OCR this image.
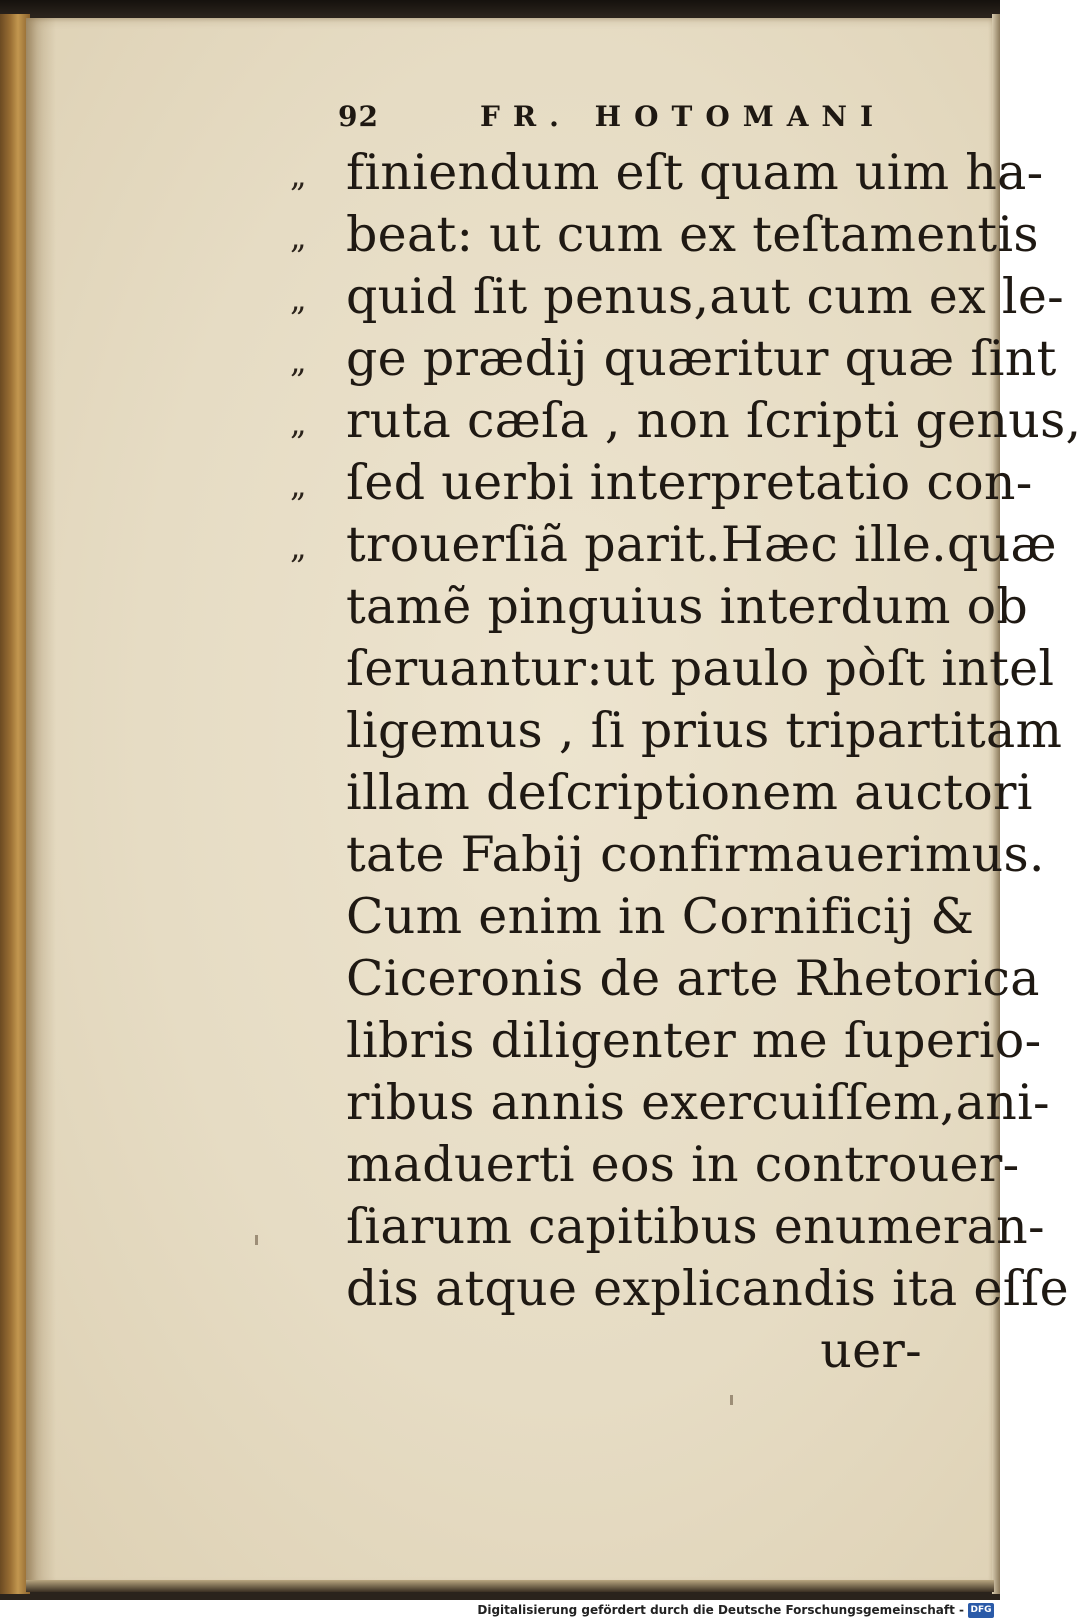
92	FR. HOTOMANI
„ finiendum eſt quam uim ha-
„ beat: ut cum ex teſtamentis
„ quid ſit penus,aut cum ex le-
„ ge prædij quæritur quæ ſint
„ ruta cæſa , non ſcripti genus,
„ ſed uerbi interpretatio con-
„ trouerſiã parit.Hæc ille.quæ
tamẽ pinguius interdum ob
ſeruantur:ut paulo pòſt intel
ligemus , ſi prius tripartitam
illam deſcriptionem auctori
tate Fabij confirmauerimus.
Cum enim in Cornificij &
Ciceronis de arte Rhetorica
libris diligenter me ſuperio-
ribus annis exercuiſſem,ani-
maduerti eos in controuer-
ſiarum capitibus enumeran-
dis atque explicandis ita eſſe
uer-
Digitalisierung gefördert durch die Deutsche Forschungsgemeinschaft - DFG
